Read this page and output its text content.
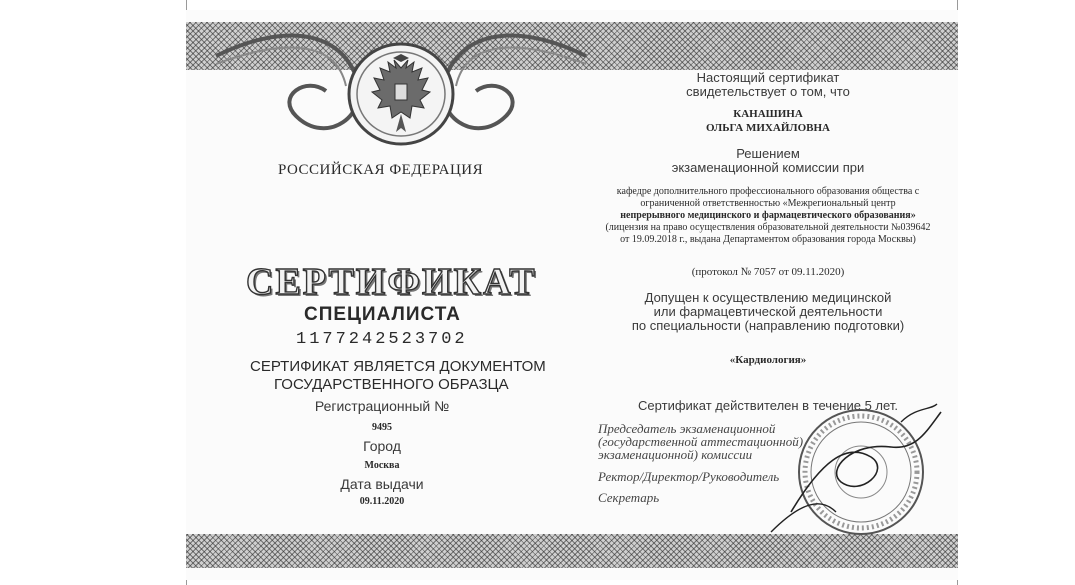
РОССИЙСКАЯ ФЕДЕРАЦИЯ
СЕРТИФИКАТ
СПЕЦИАЛИСТА
1177242523702
СЕРТИФИКАТ ЯВЛЯЕТСЯ ДОКУМЕНТОМ
ГОСУДАРСТВЕННОГО ОБРАЗЦА
Регистрационный №
9495
Город
Москва
Дата выдачи
09.11.2020
Настоящий сертификат
свидетельствует о том, что
КАНАШИНА
ОЛЬГА МИХАЙЛОВНА
Решением
экзаменационной комиссии при
кафедре дополнительного профессионального образования общества с
ограниченной ответственностью «Межрегиональный центр
непрерывного медицинского и фармацевтического образования»
(лицензия на право осуществления образовательной деятельности №039642
от 19.09.2018 г., выдана Департаментом образования города Москвы)
(протокол № 7057 от 09.11.2020)
Допущен к осуществлению медицинской
или фармацевтической деятельности
по специальности (направлению подготовки)
«Кардиология»
Сертификат действителен в течение 5 лет.
Председатель экзаменационной
(государственной аттестационной)
экзаменационной) комиссии
Ректор/Директор/Руководитель
Секретарь
